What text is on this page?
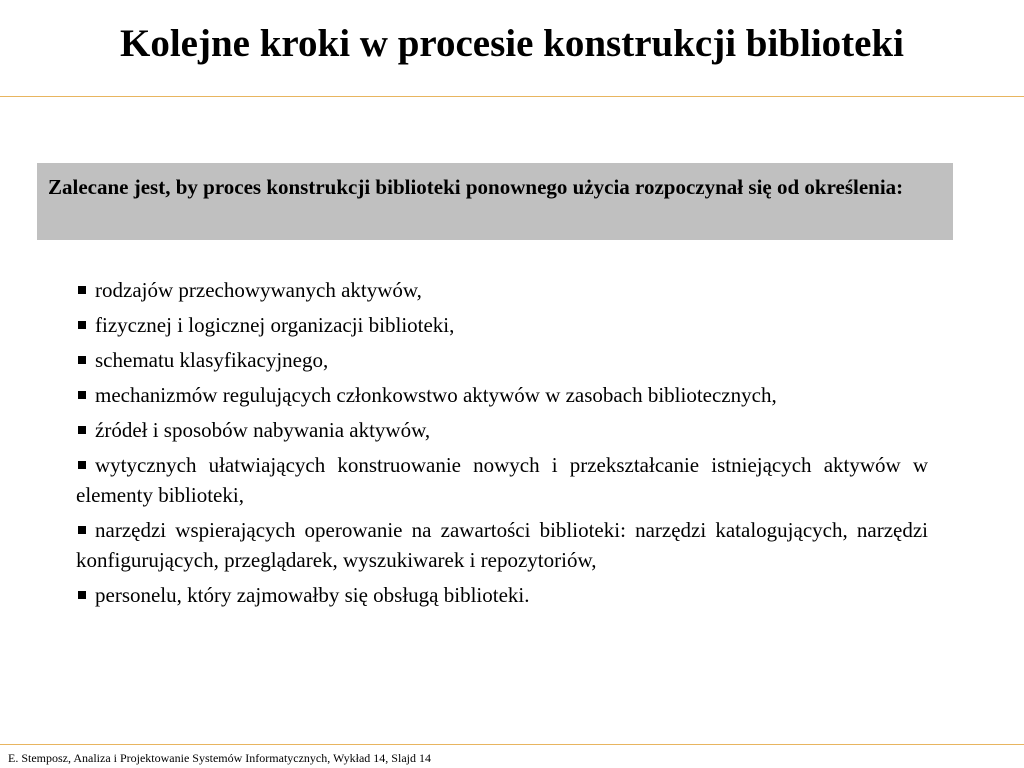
Kolejne kroki w procesie konstrukcji biblioteki
Zalecane jest, by proces konstrukcji biblioteki ponownego użycia rozpoczynał się od określenia:
rodzajów przechowywanych aktywów,
fizycznej i logicznej organizacji biblioteki,
schematu klasyfikacyjnego,
mechanizmów regulujących członkowstwo aktywów w zasobach bibliotecznych,
źródeł i sposobów nabywania aktywów,
wytycznych ułatwiających konstruowanie nowych i przekształcanie istniejących aktywów w elementy biblioteki,
narzędzi wspierających operowanie na zawartości biblioteki: narzędzi katalogujących, narzędzi konfigurujących, przeglądarek, wyszukiwarek i repozytoriów,
personelu, który zajmowałby się obsługą biblioteki.
E. Stemposz, Analiza i Projektowanie Systemów Informatycznych, Wykład 14, Slajd 14
